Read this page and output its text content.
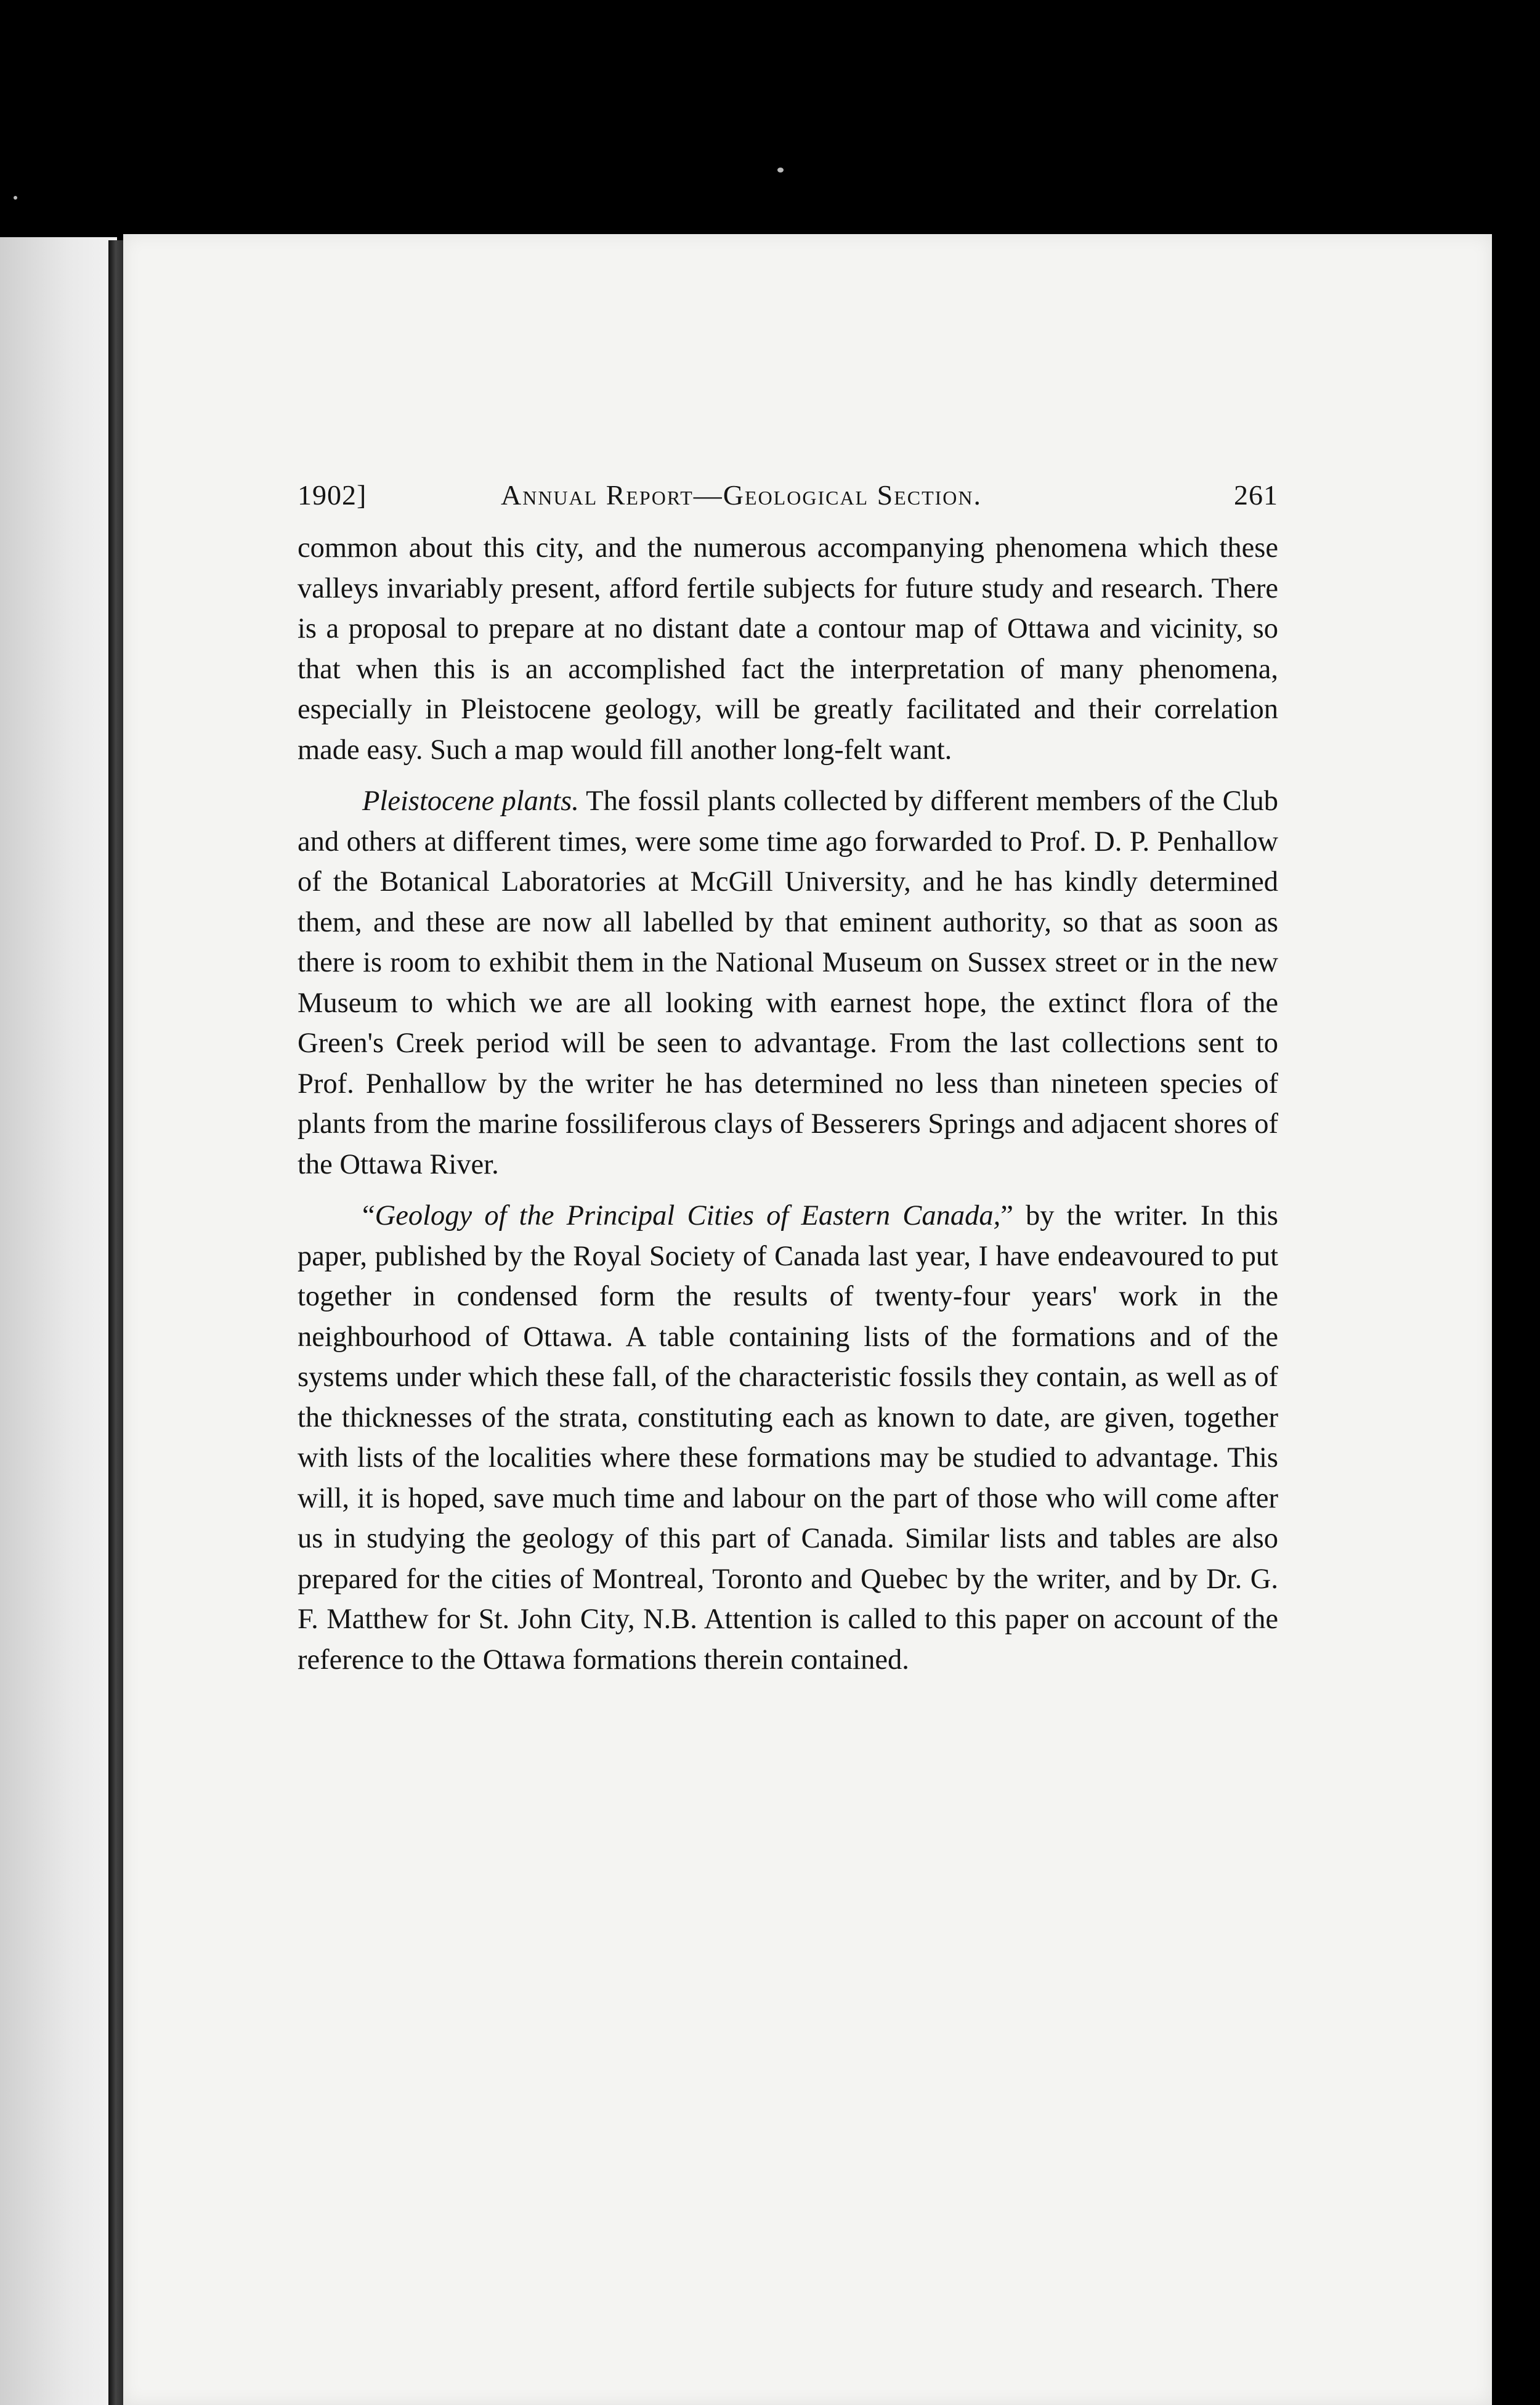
1902]	Annual Report—Geological Section.	261

common about this city, and the numerous accompanying phenomena which these valleys invariably present, afford fertile subjects for future study and research. There is a proposal to prepare at no distant date a contour map of Ottawa and vicinity, so that when this is an accomplished fact the interpretation of many phenomena, especially in Pleistocene geology, will be greatly facilitated and their correlation made easy. Such a map would fill another long-felt want.

Pleistocene plants. The fossil plants collected by different members of the Club and others at different times, were some time ago forwarded to Prof. D. P. Penhallow of the Botanical Laboratories at McGill University, and he has kindly determined them, and these are now all labelled by that eminent authority, so that as soon as there is room to exhibit them in the National Museum on Sussex street or in the new Museum to which we are all looking with earnest hope, the extinct flora of the Green's Creek period will be seen to advantage. From the last collections sent to Prof. Penhallow by the writer he has determined no less than nineteen species of plants from the marine fossiliferous clays of Besserers Springs and adjacent shores of the Ottawa River.

“Geology of the Principal Cities of Eastern Canada,” by the writer. In this paper, published by the Royal Society of Canada last year, I have endeavoured to put together in condensed form the results of twenty-four years' work in the neighbourhood of Ottawa. A table containing lists of the formations and of the systems under which these fall, of the characteristic fossils they contain, as well as of the thicknesses of the strata, constituting each as known to date, are given, together with lists of the localities where these formations may be studied to advantage. This will, it is hoped, save much time and labour on the part of those who will come after us in studying the geology of this part of Canada. Similar lists and tables are also prepared for the cities of Montreal, Toronto and Quebec by the writer, and by Dr. G. F. Matthew for St. John City, N.B. Attention is called to this paper on account of the reference to the Ottawa formations therein contained.
